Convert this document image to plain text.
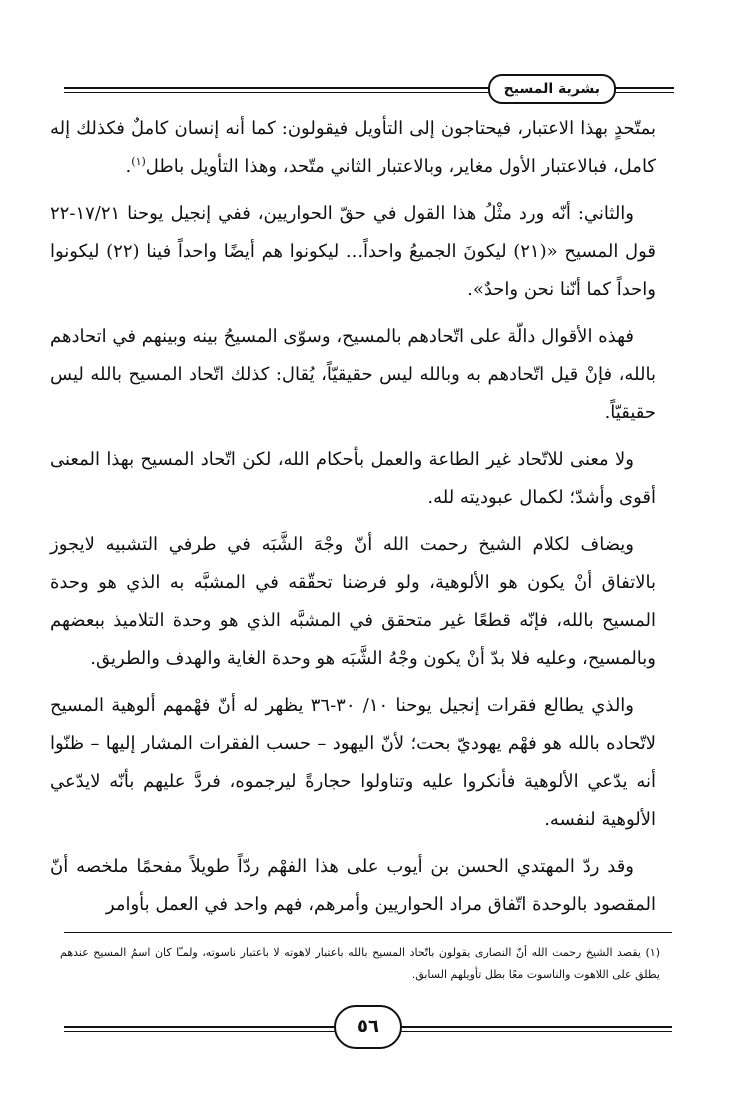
بشرية المسيح

بمتّحدٍ بهذا الاعتبار، فيحتاجون إلى التأويل فيقولون: كما أنه إنسان كاملٌ فكذلك إله كامل، فبالاعتبار الأول مغاير، وبالاعتبار الثاني متّحد، وهذا التأويل باطل$^{(١)}$.

والثاني: أنّه ورد مثْلُ هذا القول في حقّ الحواريين، ففي إنجيل يوحنا ١٧/٢١-٢٢ قول المسيح «(٢١) ليكونَ الجميعُ واحداً... ليكونوا هم أيضًا واحداً فينا (٢٢) ليكونوا واحداً كما أنّنا نحن واحدٌ».

فهذه الأقوال دالّة على اتّحادهم بالمسيح، وسوّى المسيحُ بينه وبينهم في اتحادهم بالله، فإنْ قيل اتّحادهم به وبالله ليس حقيقيّاً، يُقال: كذلك اتّحاد المسيح بالله ليس حقيقيّاً.

ولا معنى للاتّحاد غير الطاعة والعمل بأحكام الله، لكن اتّحاد المسيح بهذا المعنى أقوى وأشدّ؛ لكمال عبوديته لله.

ويضاف لكلام الشيخ رحمت الله أنّ وجْهَ الشَّبَه في طرفي التشبيه لايجوز بالاتفاق أنْ يكون هو الألوهية، ولو فرضنا تحقّقه في المشبَّه به الذي هو وحدة المسيح بالله، فإنّه قطعًا غير متحقق في المشبَّه الذي هو وحدة التلاميذ ببعضهم وبالمسيح، وعليه فلا بدّ أنْ يكون وجْهُ الشَّبَه هو وحدة الغاية والهدف والطريق.

والذي يطالع فقرات إنجيل يوحنا ١٠/ ٣٠-٣٦ يظهر له أنّ فهْمهم ألوهية المسيح لاتّحاده بالله هو فهْم يهوديّ بحت؛ لأنّ اليهود – حسب الفقرات المشار إليها – ظنّوا أنه يدّعي الألوهية فأنكروا عليه وتناولوا حجارةً ليرجموه، فردَّ عليهم بأنّه لايدّعي الألوهية لنفسه.

وقد ردّ المهتدي الحسن بن أيوب على هذا الفهْم ردّاً طويلاً مفحمًا ملخصه أنّ المقصود بالوحدة اتّفاق مراد الحواريين وأمرهم، فهم واحد في العمل بأوامر

(١) يقصد الشيخ رحمت الله أنّ النصارى يقولون باتّحاد المسيح بالله باعتبار لاهوته لا باعتبار ناسوته، ولمـّا كان اسمُ المسيح عندهم يطلق على اللاهوت والناسوت معًا بطل تأويلهم السابق.

٥٦
